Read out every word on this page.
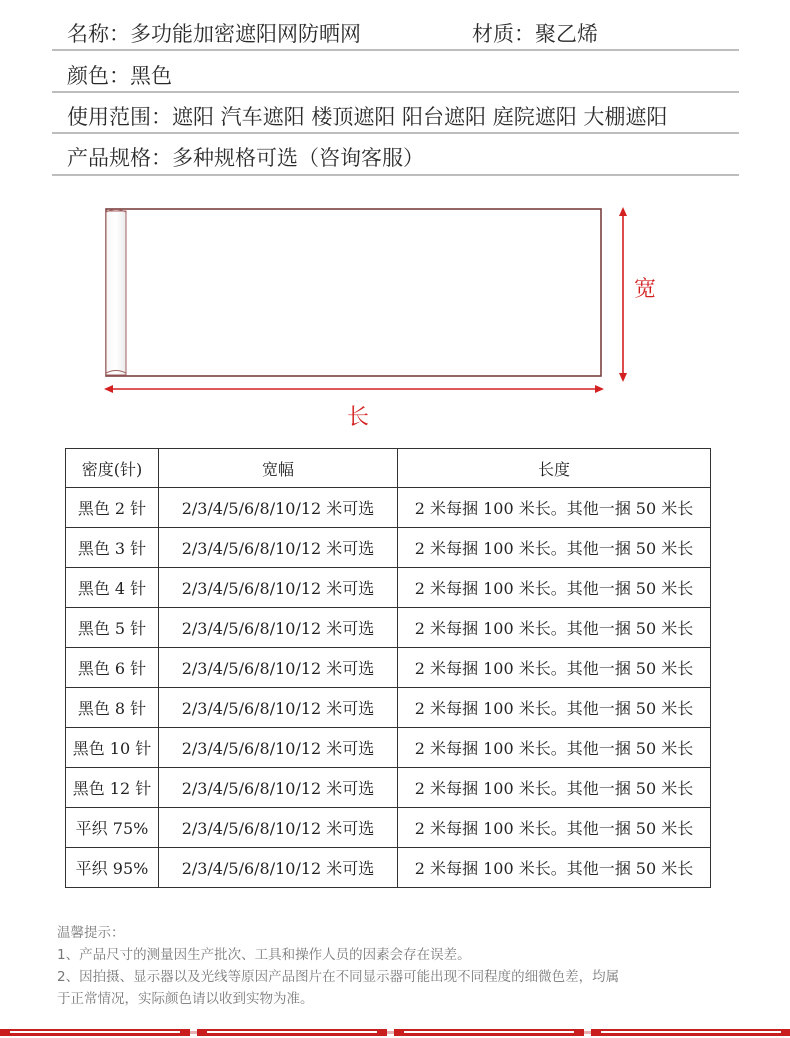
名称：多功能加密遮阳网防晒网	材质：聚乙烯
颜色：黑色
使用范围：遮阳 汽车遮阳 楼顶遮阳 阳台遮阳 庭院遮阳 大棚遮阳
产品规格：多种规格可选（咨询客服）
宽
长
密度(针)	宽幅	长度
黑色 2 针	2/3/4/5/6/8/10/12 米可选	2 米每捆 100 米长。其他一捆 50 米长
黑色 3 针	2/3/4/5/6/8/10/12 米可选	2 米每捆 100 米长。其他一捆 50 米长
黑色 4 针	2/3/4/5/6/8/10/12 米可选	2 米每捆 100 米长。其他一捆 50 米长
黑色 5 针	2/3/4/5/6/8/10/12 米可选	2 米每捆 100 米长。其他一捆 50 米长
黑色 6 针	2/3/4/5/6/8/10/12 米可选	2 米每捆 100 米长。其他一捆 50 米长
黑色 8 针	2/3/4/5/6/8/10/12 米可选	2 米每捆 100 米长。其他一捆 50 米长
黑色 10 针	2/3/4/5/6/8/10/12 米可选	2 米每捆 100 米长。其他一捆 50 米长
黑色 12 针	2/3/4/5/6/8/10/12 米可选	2 米每捆 100 米长。其他一捆 50 米长
平织 75%	2/3/4/5/6/8/10/12 米可选	2 米每捆 100 米长。其他一捆 50 米长
平织 95%	2/3/4/5/6/8/10/12 米可选	2 米每捆 100 米长。其他一捆 50 米长
温馨提示：
1、产品尺寸的测量因生产批次、工具和操作人员的因素会存在误差。
2、因拍摄、显示器以及光线等原因产品图片在不同显示器可能出现不同程度的细微色差，均属
于正常情况，实际颜色请以收到实物为准。
